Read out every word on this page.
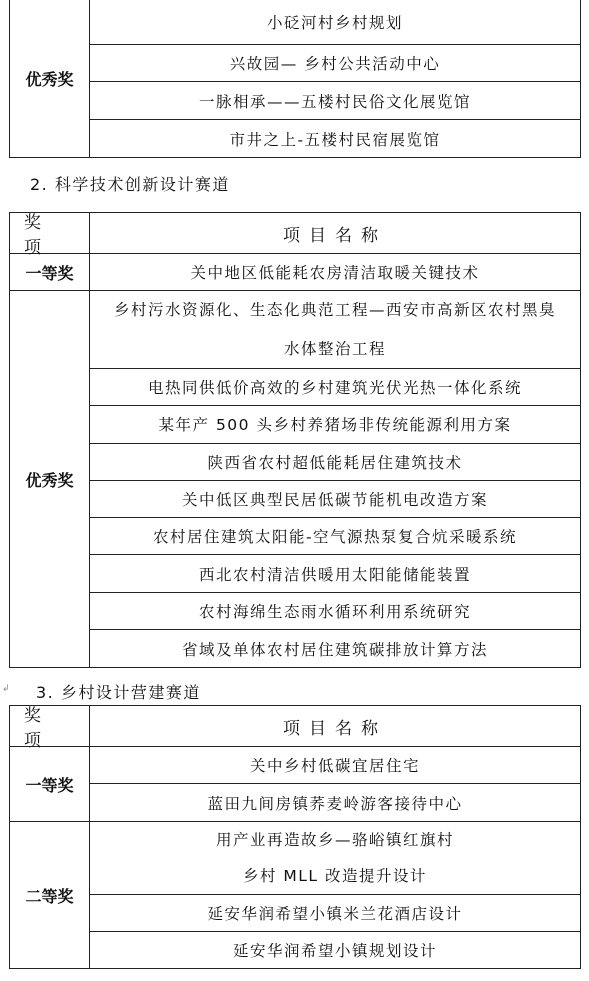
优秀奖
小砭河村乡村规划
兴故园— 乡村公共活动中心
一脉相承——五楼村民俗文化展览馆
市井之上-五楼村民宿展览馆
2. 科学技术创新设计赛道
奖 项
项目名称
一等奖	关中地区低能耗农房清洁取暖关键技术
优秀奖
乡村污水资源化、生态化典范工程—西安市高新区农村黑臭
水体整治工程
电热同供低价高效的乡村建筑光伏光热一体化系统
某年产 500 头乡村养猪场非传统能源利用方案
陕西省农村超低能耗居住建筑技术
关中低区典型民居低碳节能机电改造方案
农村居住建筑太阳能-空气源热泵复合炕采暖系统
西北农村清洁供暖用太阳能储能装置
农村海绵生态雨水循环利用系统研究
省域及单体农村居住建筑碳排放计算方法
↲ 3. 乡村设计营建赛道
奖 项
项目名称
一等奖
关中乡村低碳宜居住宅
蓝田九间房镇荞麦岭游客接待中心
二等奖
用产业再造故乡—骆峪镇红旗村
乡村 MLL 改造提升设计
延安华润希望小镇米兰花酒店设计
延安华润希望小镇规划设计
